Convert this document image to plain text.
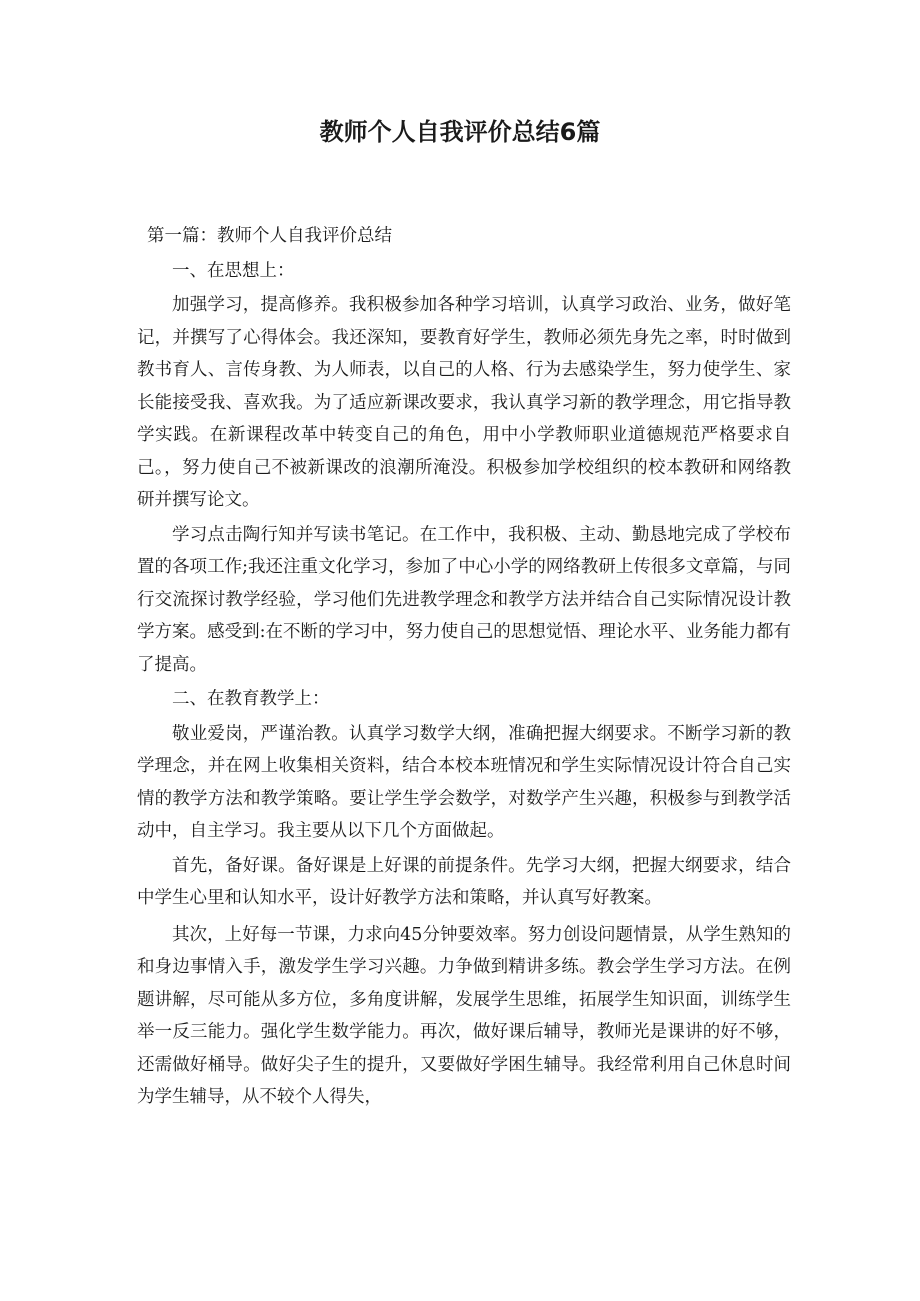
教师个人自我评价总结6篇

第一篇：教师个人自我评价总结

一、在思想上：

加强学习，提高修养。我积极参加各种学习培训，认真学习政治、业务，做好笔记，并撰写了心得体会。我还深知，要教育好学生，教师必须先身先之率，时时做到教书育人、言传身教、为人师表，以自己的人格、行为去感染学生，努力使学生、家长能接受我、喜欢我。为了适应新课改要求，我认真学习新的教学理念，用它指导教学实践。在新课程改革中转变自己的角色，用中小学教师职业道德规范严格要求自己。，努力使自己不被新课改的浪潮所淹没。积极参加学校组织的校本教研和网络教研并撰写论文。

学习点击陶行知并写读书笔记。在工作中，我积极、主动、勤恳地完成了学校布置的各项工作;我还注重文化学习，参加了中心小学的网络教研上传很多文章篇，与同行交流探讨教学经验，学习他们先进教学理念和教学方法并结合自己实际情况设计教学方案。感受到:在不断的学习中，努力使自己的思想觉悟、理论水平、业务能力都有了提高。

二、在教育教学上：

敬业爱岗，严谨治教。认真学习数学大纲，准确把握大纲要求。不断学习新的教学理念，并在网上收集相关资料，结合本校本班情况和学生实际情况设计符合自己实情的教学方法和教学策略。要让学生学会数学，对数学产生兴趣，积极参与到教学活动中，自主学习。我主要从以下几个方面做起。

首先，备好课。备好课是上好课的前提条件。先学习大纲，把握大纲要求，结合中学生心里和认知水平，设计好教学方法和策略，并认真写好教案。

其次，上好每一节课，力求向45分钟要效率。努力创设问题情景，从学生熟知的和身边事情入手，激发学生学习兴趣。力争做到精讲多练。教会学生学习方法。在例题讲解，尽可能从多方位，多角度讲解，发展学生思维，拓展学生知识面，训练学生举一反三能力。强化学生数学能力。再次，做好课后辅导，教师光是课讲的好不够，还需做好桶导。做好尖子生的提升，又要做好学困生辅导。我经常利用自己休息时间为学生辅导，从不较个人得失，
